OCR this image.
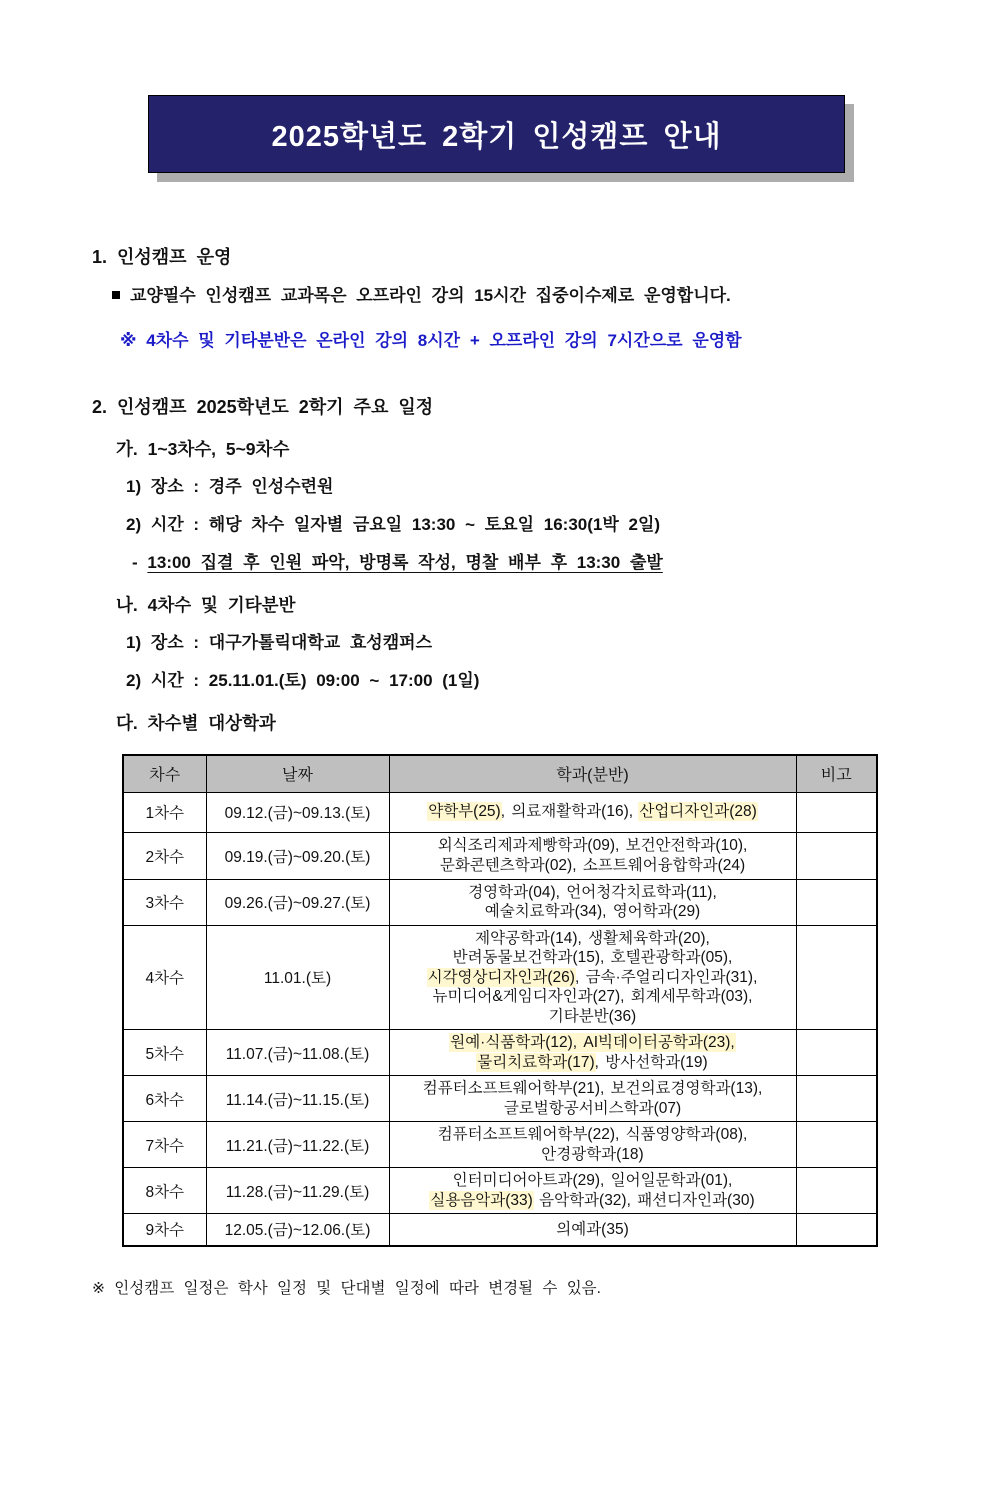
2025학년도 2학기 인성캠프 안내
1. 인성캠프 운영
교양필수 인성캠프 교과목은 오프라인 강의 15시간 집중이수제로 운영합니다.
※ 4차수 및 기타분반은 온라인 강의 8시간 + 오프라인 강의 7시간으로 운영함
2. 인성캠프 2025학년도 2학기 주요 일정
가. 1~3차수, 5~9차수
1) 장소 : 경주 인성수련원
2) 시간 : 해당 차수 일자별 금요일 13:30 ~ 토요일 16:30(1박 2일)
- 13:00 집결 후 인원 파악, 방명록 작성, 명찰 배부 후 13:30 출발
나. 4차수 및 기타분반
1) 장소 : 대구가톨릭대학교 효성캠퍼스
2) 시간 : 25.11.01.(토) 09:00 ~ 17:00 (1일)
다. 차수별 대상학과
차수	날짜	학과(분반)	비고
1차수	09.12.(금)~09.13.(토)	약학부(25), 의료재활학과(16), 산업디자인과(28)	

2차수	09.19.(금)~09.20.(토)	외식조리제과제빵학과(09), 보건안전학과(10),
문화콘텐츠학과(02), 소프트웨어융합학과(24)	

3차수	09.26.(금)~09.27.(토)	경영학과(04), 언어청각치료학과(11),
예술치료학과(34), 영어학과(29)	

4차수	11.01.(토)	제약공학과(14), 생활체육학과(20),
반려동물보건학과(15), 호텔관광학과(05),
시각영상디자인과(26), 금속·주얼리디자인과(31),
뉴미디어&게임디자인과(27), 회계세무학과(03),
기타분반(36)	

5차수	11.07.(금)~11.08.(토)	원예·식품학과(12), AI빅데이터공학과(23),
물리치료학과(17), 방사선학과(19)	

6차수	11.14.(금)~11.15.(토)	컴퓨터소프트웨어학부(21), 보건의료경영학과(13),
글로벌항공서비스학과(07)	

7차수	11.21.(금)~11.22.(토)	컴퓨터소프트웨어학부(22), 식품영양학과(08),
안경광학과(18)	

8차수	11.28.(금)~11.29.(토)	인터미디어아트과(29), 일어일문학과(01),
실용음악과(33) 음악학과(32), 패션디자인과(30)	

9차수	12.05.(금)~12.06.(토)	의예과(35)	

※ 인성캠프 일정은 학사 일정 및 단대별 일정에 따라 변경될 수 있음.
